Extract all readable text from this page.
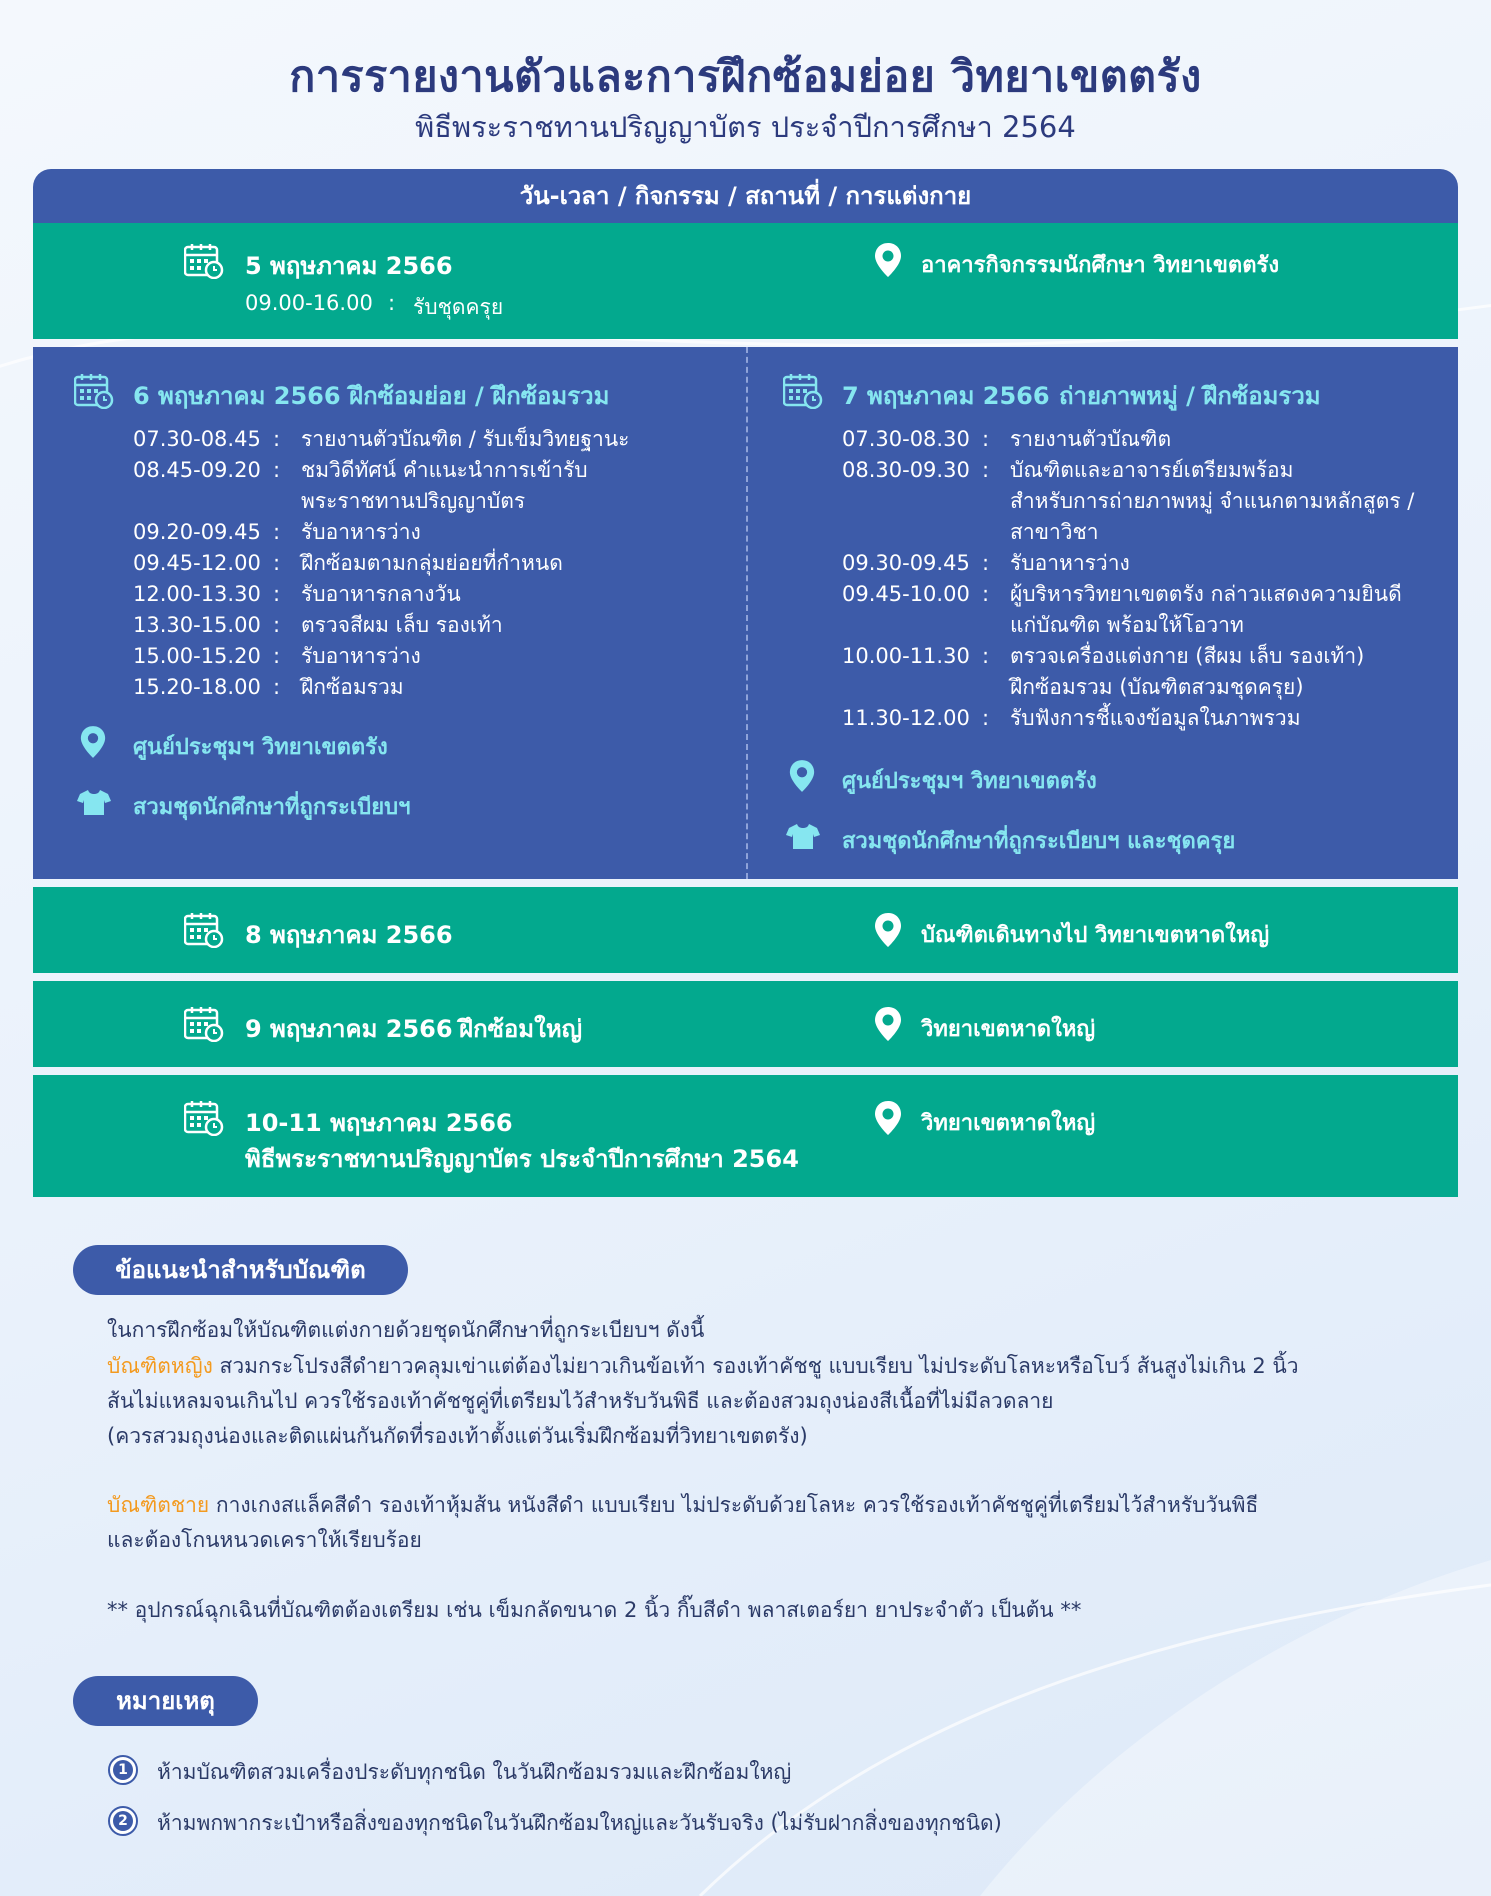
การรายงานตัวและการฝึกซ้อมย่อย วิทยาเขตตรัง
พิธีพระราชทานปริญญาบัตร ประจำปีการศึกษา 2564
วัน-เวลา / กิจกรรม / สถานที่ / การแต่งกาย
5 พฤษภาคม 2566
09.00-16.00 : รับชุดครุย
อาคารกิจกรรมนักศึกษา วิทยาเขตตรัง
6 พฤษภาคม 2566 ฝึกซ้อมย่อย / ฝึกซ้อมรวม
07.30-08.45 : รายงานตัวบัณฑิต / รับเข็มวิทยฐานะ
08.45-09.20 : ชมวิดีทัศน์ คำแนะนำการเข้ารับ
พระราชทานปริญญาบัตร
09.20-09.45 : รับอาหารว่าง
09.45-12.00 : ฝึกซ้อมตามกลุ่มย่อยที่กำหนด
12.00-13.30 : รับอาหารกลางวัน
13.30-15.00 : ตรวจสีผม เล็บ รองเท้า
15.00-15.20 : รับอาหารว่าง
15.20-18.00 : ฝึกซ้อมรวม
ศูนย์ประชุมฯ วิทยาเขตตรัง
สวมชุดนักศึกษาที่ถูกระเบียบฯ
7 พฤษภาคม 2566 ถ่ายภาพหมู่ / ฝึกซ้อมรวม
07.30-08.30 : รายงานตัวบัณฑิต
08.30-09.30 : บัณฑิตและอาจารย์เตรียมพร้อม
สำหรับการถ่ายภาพหมู่ จำแนกตามหลักสูตร /
สาขาวิชา
09.30-09.45 : รับอาหารว่าง
09.45-10.00 : ผู้บริหารวิทยาเขตตรัง กล่าวแสดงความยินดี
แก่บัณฑิต พร้อมให้โอวาท
10.00-11.30 : ตรวจเครื่องแต่งกาย (สีผม เล็บ รองเท้า)
ฝึกซ้อมรวม (บัณฑิตสวมชุดครุย)
11.30-12.00 : รับฟังการชี้แจงข้อมูลในภาพรวม
ศูนย์ประชุมฯ วิทยาเขตตรัง
สวมชุดนักศึกษาที่ถูกระเบียบฯ และชุดครุย
8 พฤษภาคม 2566	บัณฑิตเดินทางไป วิทยาเขตหาดใหญ่
9 พฤษภาคม 2566 ฝึกซ้อมใหญ่	วิทยาเขตหาดใหญ่
10-11 พฤษภาคม 2566
พิธีพระราชทานปริญญาบัตร ประจำปีการศึกษา 2564
วิทยาเขตหาดใหญ่
ข้อแนะนำสำหรับบัณฑิต
ในการฝึกซ้อมให้บัณฑิตแต่งกายด้วยชุดนักศึกษาที่ถูกระเบียบฯ ดังนี้
บัณฑิตหญิง สวมกระโปรงสีดำยาวคลุมเข่าแต่ต้องไม่ยาวเกินข้อเท้า รองเท้าคัชชู แบบเรียบ ไม่ประดับโลหะหรือโบว์ ส้นสูงไม่เกิน 2 นิ้ว
ส้นไม่แหลมจนเกินไป ควรใช้รองเท้าคัชชูคู่ที่เตรียมไว้สำหรับวันพิธี และต้องสวมถุงน่องสีเนื้อที่ไม่มีลวดลาย
(ควรสวมถุงน่องและติดแผ่นกันกัดที่รองเท้าตั้งแต่วันเริ่มฝึกซ้อมที่วิทยาเขตตรัง)
บัณฑิตชาย กางเกงสแล็คสีดำ รองเท้าหุ้มส้น หนังสีดำ แบบเรียบ ไม่ประดับด้วยโลหะ ควรใช้รองเท้าคัชชูคู่ที่เตรียมไว้สำหรับวันพิธี
และต้องโกนหนวดเคราให้เรียบร้อย
** อุปกรณ์ฉุกเฉินที่บัณฑิตต้องเตรียม เช่น เข็มกลัดขนาด 2 นิ้ว กิ๊บสีดำ พลาสเตอร์ยา ยาประจำตัว เป็นต้น **
หมายเหตุ
1 ห้ามบัณฑิตสวมเครื่องประดับทุกชนิด ในวันฝึกซ้อมรวมและฝึกซ้อมใหญ่
2 ห้ามพกพากระเป๋าหรือสิ่งของทุกชนิดในวันฝึกซ้อมใหญ่และวันรับจริง (ไม่รับฝากสิ่งของทุกชนิด)
